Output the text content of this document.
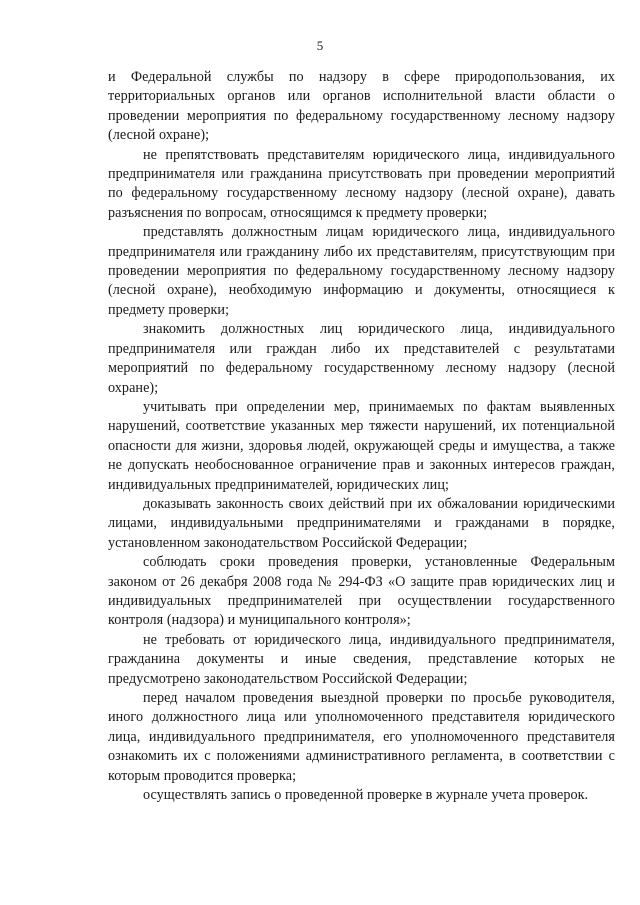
5

и Федеральной службы по надзору в сфере природопользования, их территориальных органов или органов исполнительной власти области о проведении мероприятия по федеральному государственному лесному надзору (лесной охране);

не препятствовать представителям юридического лица, индивидуального предпринимателя или гражданина присутствовать при проведении мероприятий по федеральному государственному лесному надзору (лесной охране), давать разъяснения по вопросам, относящимся к предмету проверки;

представлять должностным лицам юридического лица, индивидуального предпринимателя или гражданину либо их представителям, присутствующим при проведении мероприятия по федеральному государственному лесному надзору (лесной охране), необходимую информацию и документы, относящиеся к предмету проверки;

знакомить должностных лиц юридического лица, индивидуального предпринимателя или граждан либо их представителей с результатами мероприятий по федеральному государственному лесному надзору (лесной охране);

учитывать при определении мер, принимаемых по фактам выявленных нарушений, соответствие указанных мер тяжести нарушений, их потенциальной опасности для жизни, здоровья людей, окружающей среды и имущества, а также не допускать необоснованное ограничение прав и законных интересов граждан, индивидуальных предпринимателей, юридических лиц;

доказывать законность своих действий при их обжаловании юридическими лицами, индивидуальными предпринимателями и гражданами в порядке, установленном законодательством Российской Федерации;

соблюдать сроки проведения проверки, установленные Федеральным законом от 26 декабря 2008 года № 294-ФЗ «О защите прав юридических лиц и индивидуальных предпринимателей при осуществлении государственного контроля (надзора) и муниципального контроля»;

не требовать от юридического лица, индивидуального предпринимателя, гражданина документы и иные сведения, представление которых не предусмотрено законодательством Российской Федерации;

перед началом проведения выездной проверки по просьбе руководителя, иного должностного лица или уполномоченного представителя юридического лица, индивидуального предпринимателя, его уполномоченного представителя ознакомить их с положениями административного регламента, в соответствии с которым проводится проверка;

осуществлять запись о проведенной проверке в журнале учета проверок.
